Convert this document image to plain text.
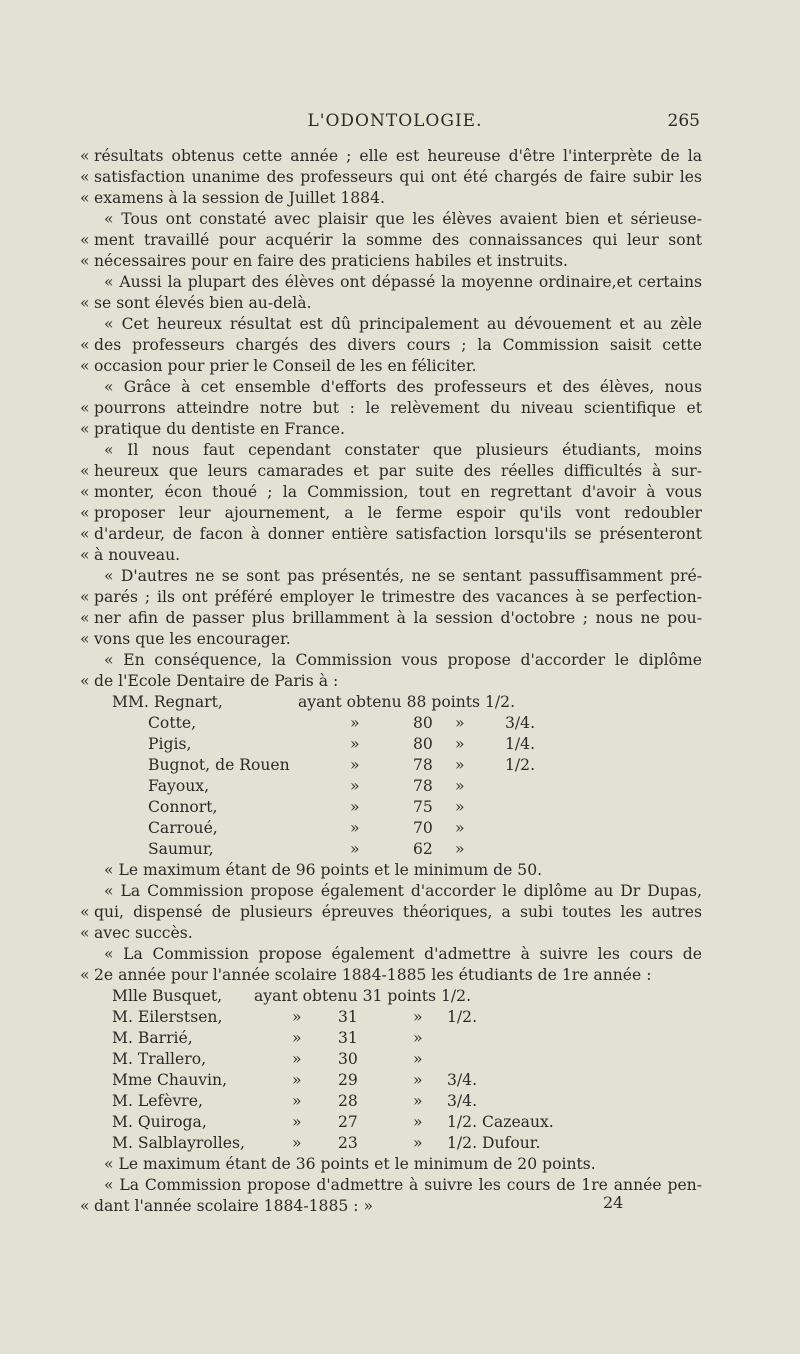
L'ODONTOLOGIE.	265
« résultats obtenus cette année ; elle est heureuse d'être l'interprète de la
« satisfaction unanime des professeurs qui ont été chargés de faire subir les
« examens à la session de Juillet 1884.
« Tous ont constaté avec plaisir que les élèves avaient bien et sérieuse-
« ment travaillé pour acquérir la somme des connaissances qui leur sont
« nécessaires pour en faire des praticiens habiles et instruits.
« Aussi la plupart des élèves ont dépassé la moyenne ordinaire,et certains
« se sont élevés bien au-delà.
« Cet heureux résultat est dû principalement au dévouement et au zèle
« des professeurs chargés des divers cours ; la Commission saisit cette
« occasion pour prier le Conseil de les en féliciter.
« Grâce à cet ensemble d'efforts des professeurs et des élèves, nous
« pourrons atteindre notre but : le relèvement du niveau scientifique et
« pratique du dentiste en France.
« Il nous faut cependant constater que plusieurs étudiants, moins
« heureux que leurs camarades et par suite des réelles difficultés à sur-
« monter, écon thoué ; la Commission, tout en regrettant d'avoir à vous
« proposer leur ajournement, a le ferme espoir qu'ils vont redoubler
« d'ardeur, de facon à donner entière satisfaction lorsqu'ils se présenteront
« à nouveau.
« D'autres ne se sont pas présentés, ne se sentant passuffisamment pré-
« parés ; ils ont préféré employer le trimestre des vacances à se perfection-
« ner afin de passer plus brillamment à la session d'octobre ; nous ne pou-
« vons que les encourager.
« En conséquence, la Commission vous propose d'accorder le diplôme
« de l'Ecole Dentaire de Paris à :
MM. Regnart,	ayant obtenu 88 points 1/2.
Cotte,	»	80 »	3/4.
Pigis,	»	80 »	1/4.
Bugnot, de Rouen	»	78 »	1/2.
Fayoux,	»	78 »
Connort,	»	75 »
Carroué,	»	70 »
Saumur,	»	62 »
« Le maximum étant de 96 points et le minimum de 50.
« La Commission propose également d'accorder le diplôme au Dr Dupas,
« qui, dispensé de plusieurs épreuves théoriques, a subi toutes les autres
« avec succès.
« La Commission propose également d'admettre à suivre les cours de
« 2e année pour l'année scolaire 1884-1885 les étudiants de 1re année :
Mlle Busquet, ayant obtenu 31 points 1/2.
M. Eilerstsen,	» 31	» 1/2.
M. Barrié,	» 31	»
M. Trallero,	» 30	»
Mme Chauvin,	» 29	» 3/4.
M. Lefèvre,	» 28	» 3/4.
M. Quiroga,	» 27	» 1/2. Cazeaux.
M. Salblayrolles,	» 23	» 1/2. Dufour.
« Le maximum étant de 36 points et le minimum de 20 points.
« La Commission propose d'admettre à suivre les cours de 1re année pen-
« dant l'année scolaire 1884-1885 : »	24
